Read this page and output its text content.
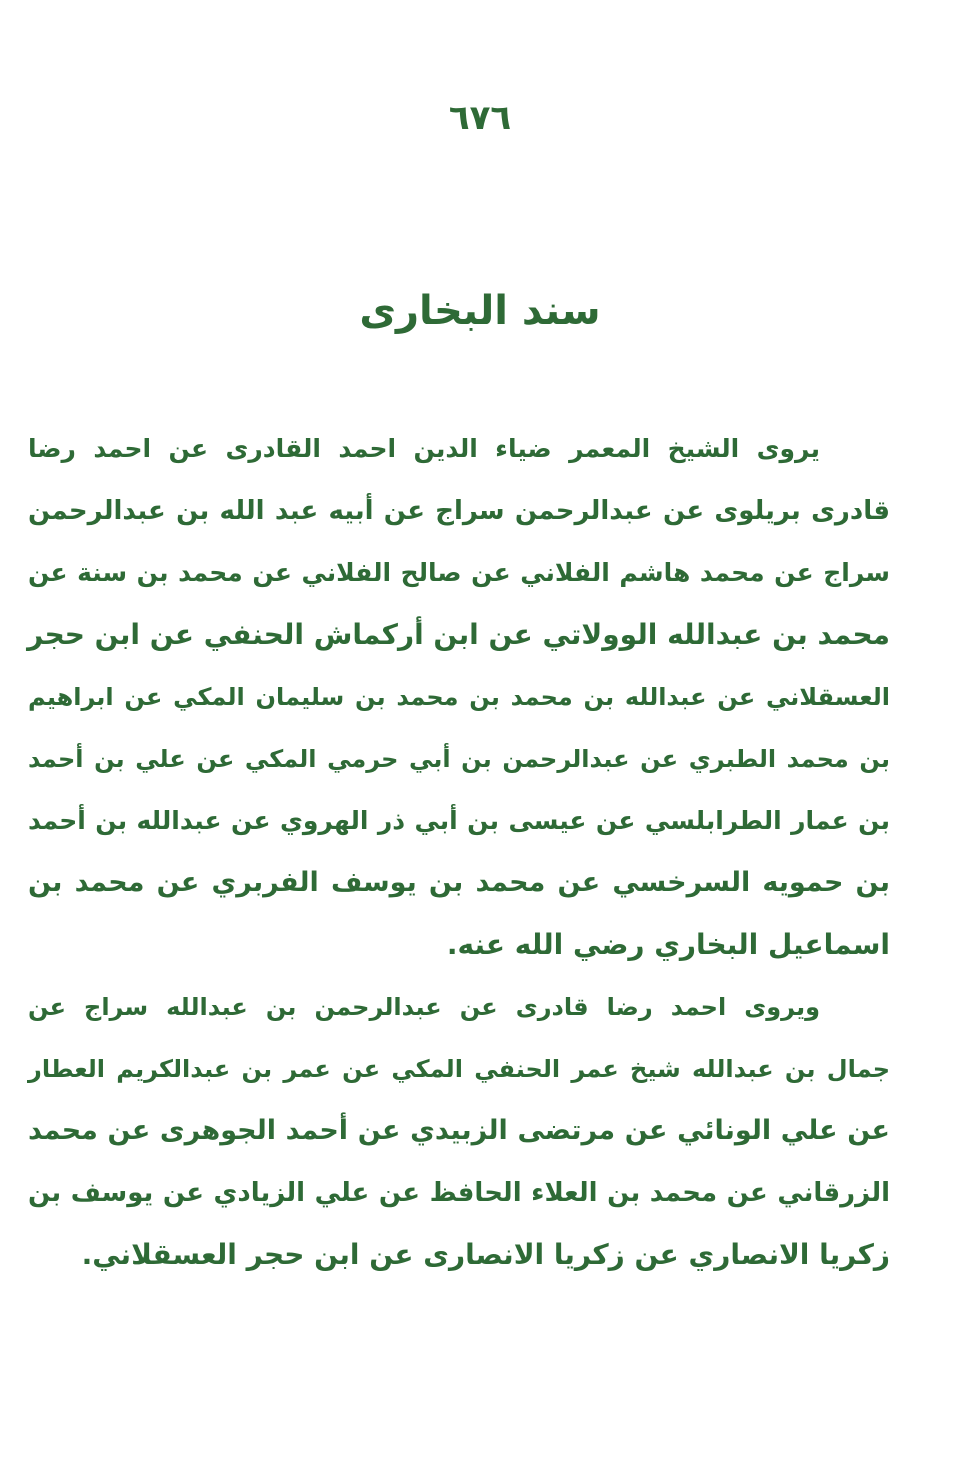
٦٧٦
سند البخارى
يروى الشيخ المعمر ضياء الدين احمد القادرى عن احمد رضا
قادرى بريلوى عن عبدالرحمن سراج عن أبيه عبد الله بن عبدالرحمن
سراج عن محمد هاشم الفلاني عن صالح الفلاني عن محمد بن سنة عن
محمد بن عبدالله الوولاتي عن ابن أركماش الحنفي عن ابن حجر
العسقلاني عن عبدالله بن محمد بن محمد بن سليمان المكي عن ابراهيم
بن محمد الطبري عن عبدالرحمن بن أبي حرمي المكي عن علي بن أحمد
بن عمار الطرابلسي عن عيسى بن أبي ذر الهروي عن عبدالله بن أحمد
بن حمويه السرخسي عن محمد بن يوسف الفربري عن محمد بن
اسماعيل البخاري رضي الله عنه.
ويروى احمد رضا قادرى عن عبدالرحمن بن عبدالله سراج عن
جمال بن عبدالله شيخ عمر الحنفي المكي عن عمر بن عبدالكريم العطار
عن علي الونائي عن مرتضى الزبيدي عن أحمد الجوهرى عن محمد
الزرقاني عن محمد بن العلاء الحافظ عن علي الزيادي عن يوسف بن
زكريا الانصاري عن زكريا الانصارى عن ابن حجر العسقلاني.
